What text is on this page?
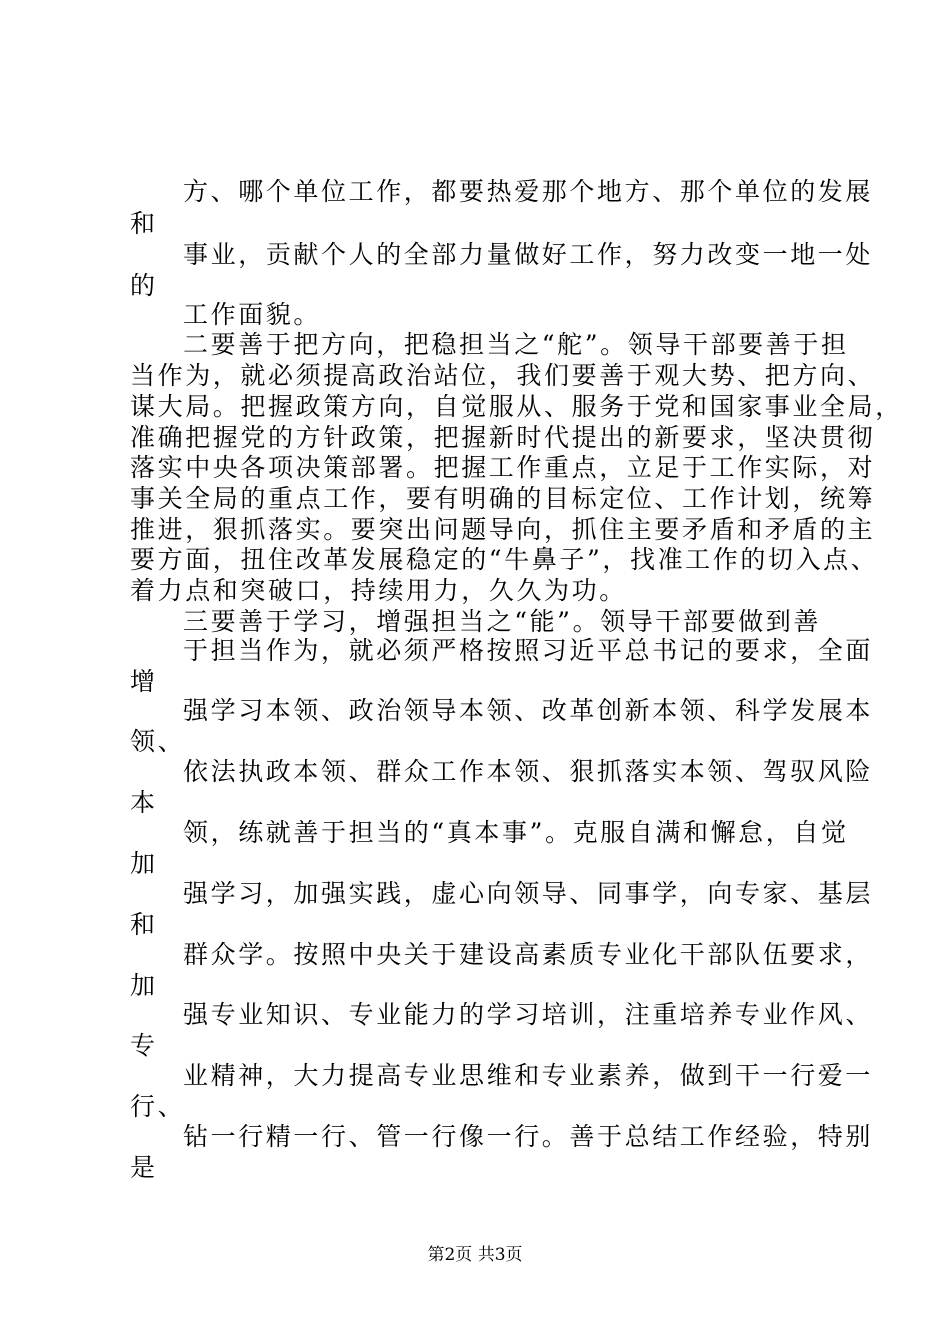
方、哪个单位工作，都要热爱那个地方、那个单位的发展

和

事业，贡献个人的全部力量做好工作，努力改变一地一处

的

工作面貌。

二要善于把方向，把稳担当之“舵”。领导干部要善于担

当作为，就必须提高政治站位，我们要善于观大势、把方向、

谋大局。把握政策方向，自觉服从、服务于党和国家事业全局，

准确把握党的方针政策，把握新时代提出的新要求，坚决贯彻

落实中央各项决策部署。把握工作重点，立足于工作实际，对

事关全局的重点工作，要有明确的目标定位、工作计划，统筹

推进，狠抓落实。要突出问题导向，抓住主要矛盾和矛盾的主

要方面，扭住改革发展稳定的“牛鼻子”，找准工作的切入点、

着力点和突破口，持续用力，久久为功。

三要善于学习，增强担当之“能”。领导干部要做到善

于担当作为，就必须严格按照习近平总书记的要求，全面

增

强学习本领、政治领导本领、改革创新本领、科学发展本

领、

依法执政本领、群众工作本领、狠抓落实本领、驾驭风险

本

领，练就善于担当的“真本事”。克服自满和懈怠，自觉

加

强学习，加强实践，虚心向领导、同事学，向专家、基层

和

群众学。按照中央关于建设高素质专业化干部队伍要求，

加

强专业知识、专业能力的学习培训，注重培养专业作风、

专

业精神，大力提高专业思维和专业素养，做到干一行爱一

行、

钻一行精一行、管一行像一行。善于总结工作经验，特别

是

第2页 共3页
